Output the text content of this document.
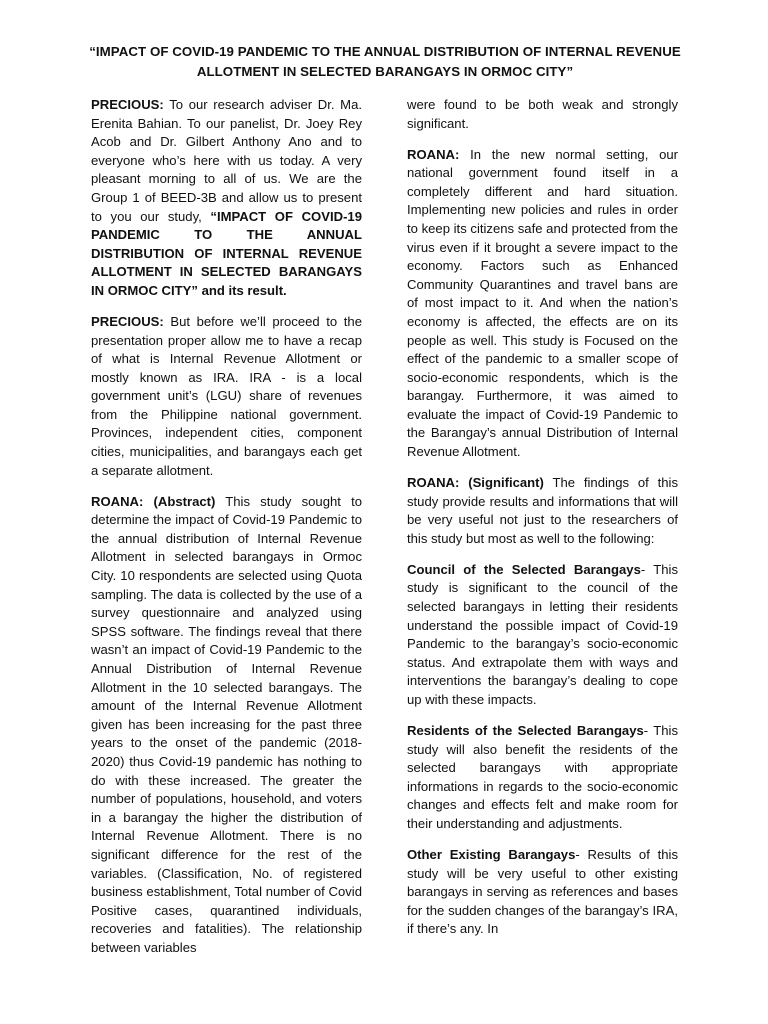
“IMPACT OF COVID-19 PANDEMIC TO THE ANNUAL DISTRIBUTION OF INTERNAL REVENUE
ALLOTMENT IN SELECTED BARANGAYS IN ORMOC CITY”

PRECIOUS: To our research adviser Dr. Ma. Erenita Bahian. To our panelist, Dr. Joey Rey Acob and Dr. Gilbert Anthony Ano and to everyone who’s here with us today. A very pleasant morning to all of us. We are the Group 1 of BEED-3B and allow us to present to you our study, “IMPACT OF COVID-19 PANDEMIC TO THE ANNUAL DISTRIBUTION OF INTERNAL REVENUE ALLOTMENT IN SELECTED BARANGAYS IN ORMOC CITY” and its result.

PRECIOUS: But before we’ll proceed to the presentation proper allow me to have a recap of what is Internal Revenue Allotment or mostly known as IRA. IRA - is a local government unit’s (LGU) share of revenues from the Philippine national government. Provinces, independent cities, component cities, municipalities, and barangays each get a separate allotment.

ROANA: (Abstract) This study sought to determine the impact of Covid-19 Pandemic to the annual distribution of Internal Revenue Allotment in selected barangays in Ormoc City. 10 respondents are selected using Quota sampling. The data is collected by the use of a survey questionnaire and analyzed using SPSS software. The findings reveal that there wasn’t an impact of Covid-19 Pandemic to the Annual Distribution of Internal Revenue Allotment in the 10 selected barangays. The amount of the Internal Revenue Allotment given has been increasing for the past three years to the onset of the pandemic (2018-2020) thus Covid-19 pandemic has nothing to do with these increased. The greater the number of populations, household, and voters in a barangay the higher the distribution of Internal Revenue Allotment. There is no significant difference for the rest of the variables. (Classification, No. of registered business establishment, Total number of Covid Positive cases, quarantined individuals, recoveries and fatalities). The relationship between variables

were found to be both weak and strongly significant.

ROANA: In the new normal setting, our national government found itself in a completely different and hard situation. Implementing new policies and rules in order to keep its citizens safe and protected from the virus even if it brought a severe impact to the economy. Factors such as Enhanced Community Quarantines and travel bans are of most impact to it. And when the nation’s economy is affected, the effects are on its people as well. This study is Focused on the effect of the pandemic to a smaller scope of socio-economic respondents, which is the barangay. Furthermore, it was aimed to evaluate the impact of Covid-19 Pandemic to the Barangay’s annual Distribution of Internal Revenue Allotment.

ROANA: (Significant) The findings of this study provide results and informations that will be very useful not just to the researchers of this study but most as well to the following:

Council of the Selected Barangays- This study is significant to the council of the selected barangays in letting their residents understand the possible impact of Covid-19 Pandemic to the barangay’s socio-economic status. And extrapolate them with ways and interventions the barangay’s dealing to cope up with these impacts.

Residents of the Selected Barangays- This study will also benefit the residents of the selected barangays with appropriate informations in regards to the socio-economic changes and effects felt and make room for their understanding and adjustments.

Other Existing Barangays- Results of this study will be very useful to other existing barangays in serving as references and bases for the sudden changes of the barangay’s IRA, if there’s any. In
